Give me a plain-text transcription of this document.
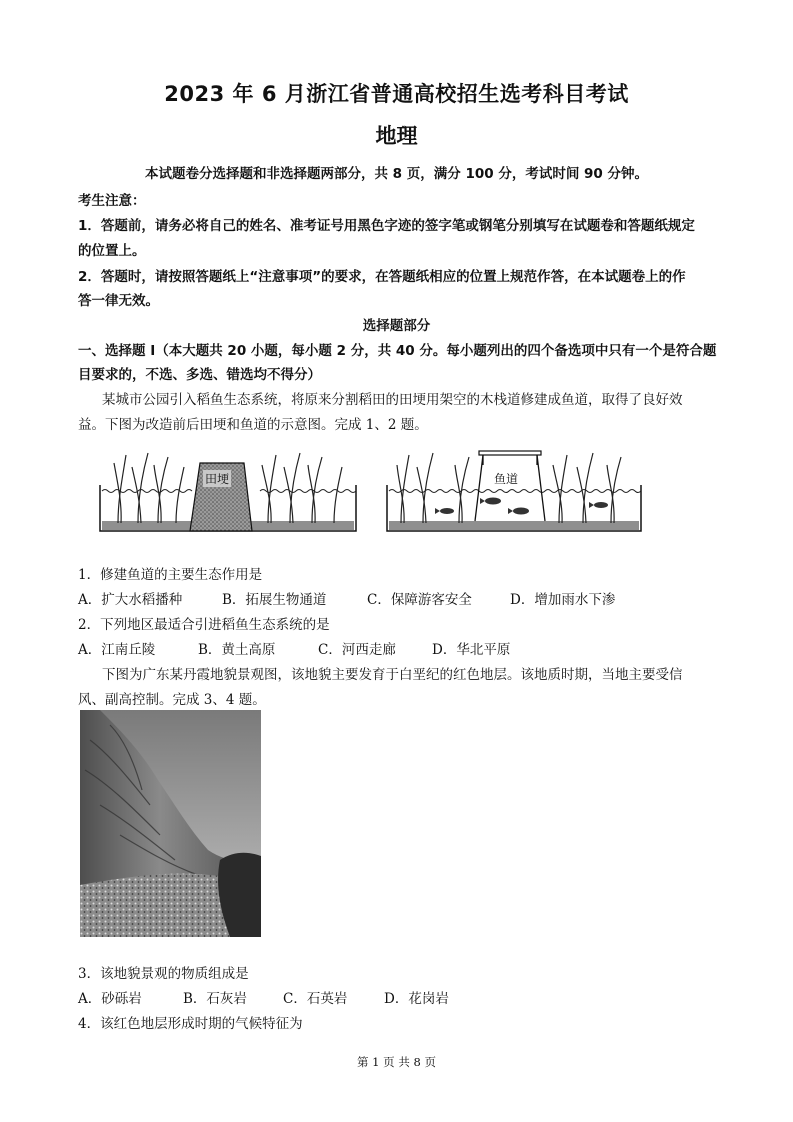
2023 年 6 月浙江省普通高校招生选考科目考试
地理
本试题卷分选择题和非选择题两部分，共 8 页，满分 100 分，考试时间 90 分钟。
考生注意：
1．答题前，请务必将自己的姓名、准考证号用黑色字迹的签字笔或钢笔分别填写在试题卷和答题纸规定
的位置上。
2．答题时，请按照答题纸上“注意事项”的要求，在答题纸相应的位置上规范作答，在本试题卷上的作
答一律无效。
选择题部分
一、选择题 I（本大题共 20 小题，每小题 2 分，共 40 分。每小题列出的四个备选项中只有一个是符合题
目要求的，不选、多选、错选均不得分）
某城市公园引入稻鱼生态系统，将原来分割稻田的田埂用架空的木栈道修建成鱼道，取得了良好效
益。下图为改造前后田埂和鱼道的示意图。完成 1、2 题。
田埂	鱼道
1．修建鱼道的主要生态作用是
A．扩大水稻播种	B．拓展生物通道	C．保障游客安全	D．增加雨水下渗
2．下列地区最适合引进稻鱼生态系统的是
A．江南丘陵	B．黄土高原	C．河西走廊	D．华北平原
下图为广东某丹霞地貌景观图，该地貌主要发育于白垩纪的红色地层。该地质时期，当地主要受信
风、副高控制。完成 3、4 题。
3．该地貌景观的物质组成是
A．砂砾岩	B．石灰岩	C．石英岩	D．花岗岩
4．该红色地层形成时期的气候特征为
第 1 页 共 8 页
